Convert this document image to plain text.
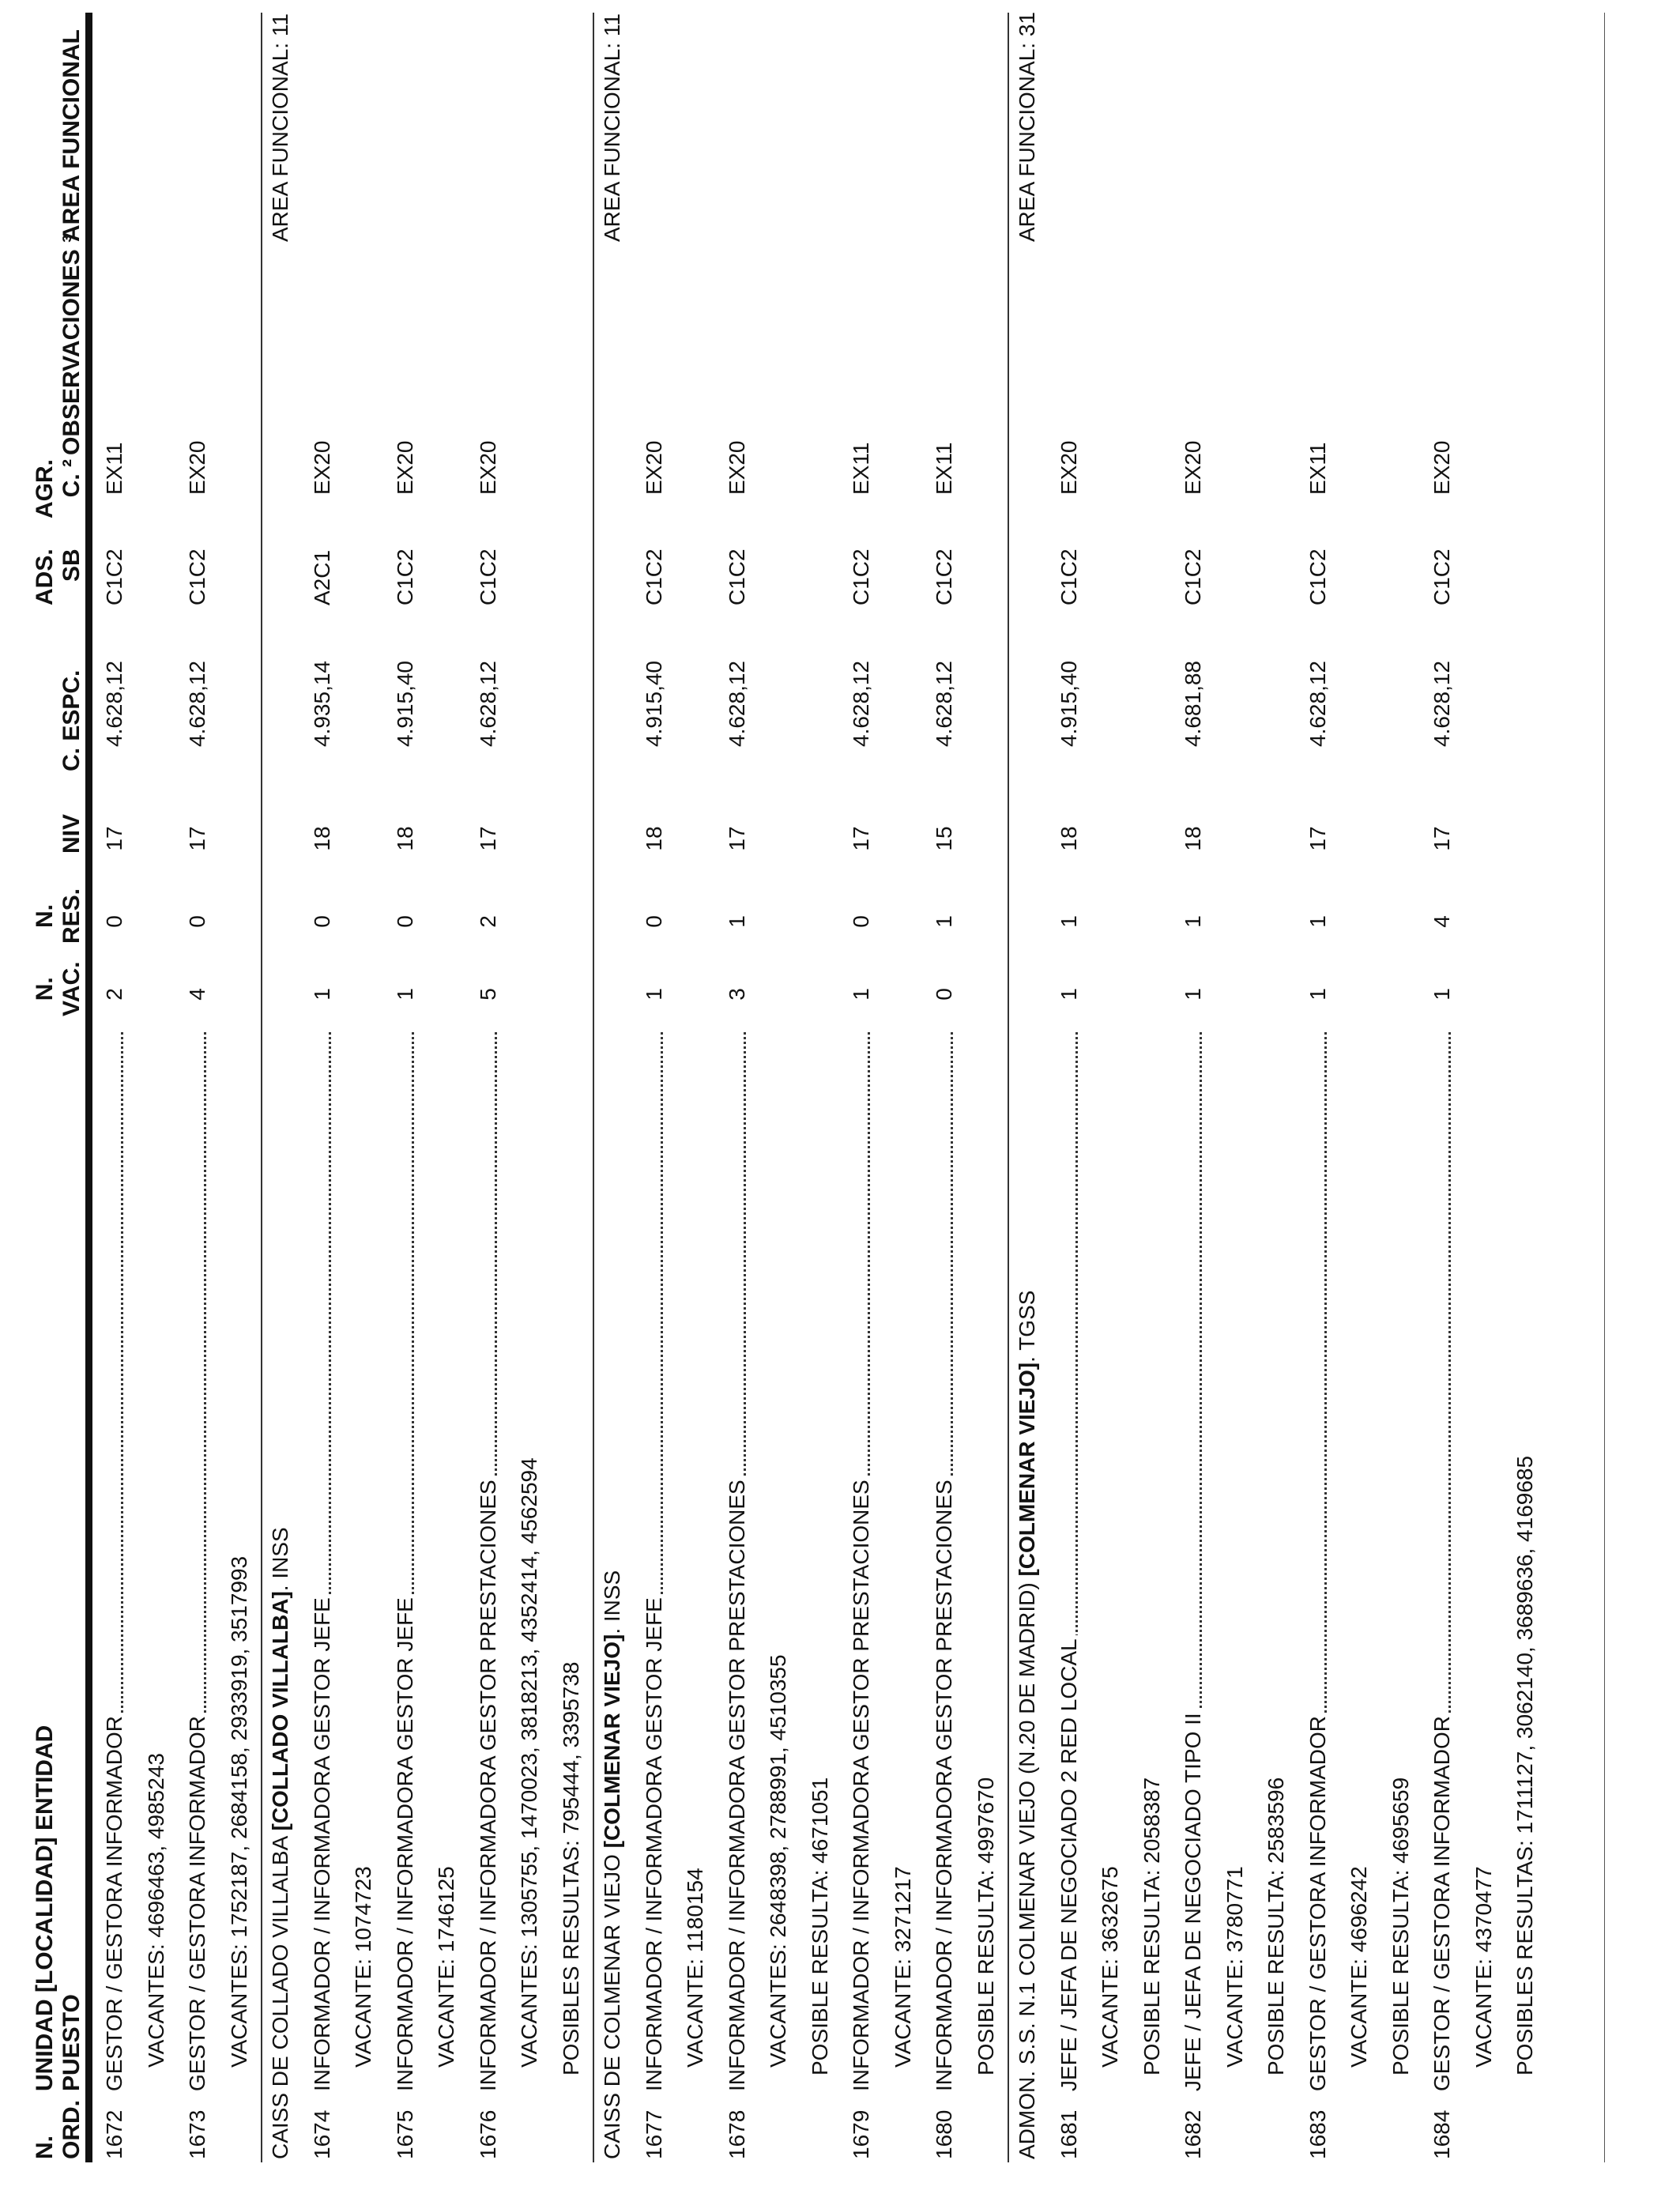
N.
ORD.
UNIDAD [LOCALIDAD] ENTIDAD
PUESTO
N.
VAC.
N.
RES.
NIV
C. ESPC.
ADS.
SB
AGR.
C. ²
OBSERVACIONES ³
AREA FUNCIONAL
1672
GESTOR / GESTORA INFORMADOR
2
0
17
4.628,12
C1C2
EX11
VACANTES: 4696463, 4985243
1673
GESTOR / GESTORA INFORMADOR
4
0
17
4.628,12
C1C2
EX20
VACANTES: 1752187, 2684158, 2933919, 3517993 CAISS DE COLLADO VILLALBA [COLLADO VILLALBA]. INSS
AREA FUNCIONAL: 11
1674
INFORMADOR / INFORMADORA GESTOR JEFE
1
0
18
4.935,14
A2C1
EX20
VACANTE: 1074723
1675
INFORMADOR / INFORMADORA GESTOR JEFE
1
0
18
4.915,40
C1C2
EX20
VACANTE: 1746125
1676
INFORMADOR / INFORMADORA GESTOR PRESTACIONES
5
2
17
4.628,12
C1C2
EX20
VACANTES: 1305755, 1470023, 3818213, 4352414, 4562594 POSIBLES RESULTAS: 795444, 3395738 CAISS DE COLMENAR VIEJO [COLMENAR VIEJO]. INSS
AREA FUNCIONAL: 11
1677
INFORMADOR / INFORMADORA GESTOR JEFE
1
0
18
4.915,40
C1C2
EX20
VACANTE: 1180154
1678
INFORMADOR / INFORMADORA GESTOR PRESTACIONES
3
1
17
4.628,12
C1C2
EX20
VACANTES: 2648398, 2788991, 4510355 POSIBLE RESULTA: 4671051
1679
INFORMADOR / INFORMADORA GESTOR PRESTACIONES
1
0
17
4.628,12
C1C2
EX11
VACANTE: 3271217
1680
INFORMADOR / INFORMADORA GESTOR PRESTACIONES
0
1
15
4.628,12
C1C2
EX11
POSIBLE RESULTA: 4997670 ADMON. S.S. N.1 COLMENAR VIEJO (N.20 DE MADRID) [COLMENAR VIEJO]. TGSS
AREA FUNCIONAL: 31
1681
JEFE / JEFA DE NEGOCIADO 2 RED LOCAL
1
1
18
4.915,40
C1C2
EX20
VACANTE: 3632675 POSIBLE RESULTA: 2058387
1682
JEFE / JEFA DE NEGOCIADO TIPO II
1
1
18
4.681,88
C1C2
EX20
VACANTE: 3780771 POSIBLE RESULTA: 2583596
1683
GESTOR / GESTORA INFORMADOR
1
1
17
4.628,12
C1C2
EX11
VACANTE: 4696242 POSIBLE RESULTA: 4695659
1684
GESTOR / GESTORA INFORMADOR
1
4
17
4.628,12
C1C2
EX20
VACANTE: 4370477 POSIBLES RESULTAS: 1711127, 3062140, 3689636, 4169685
